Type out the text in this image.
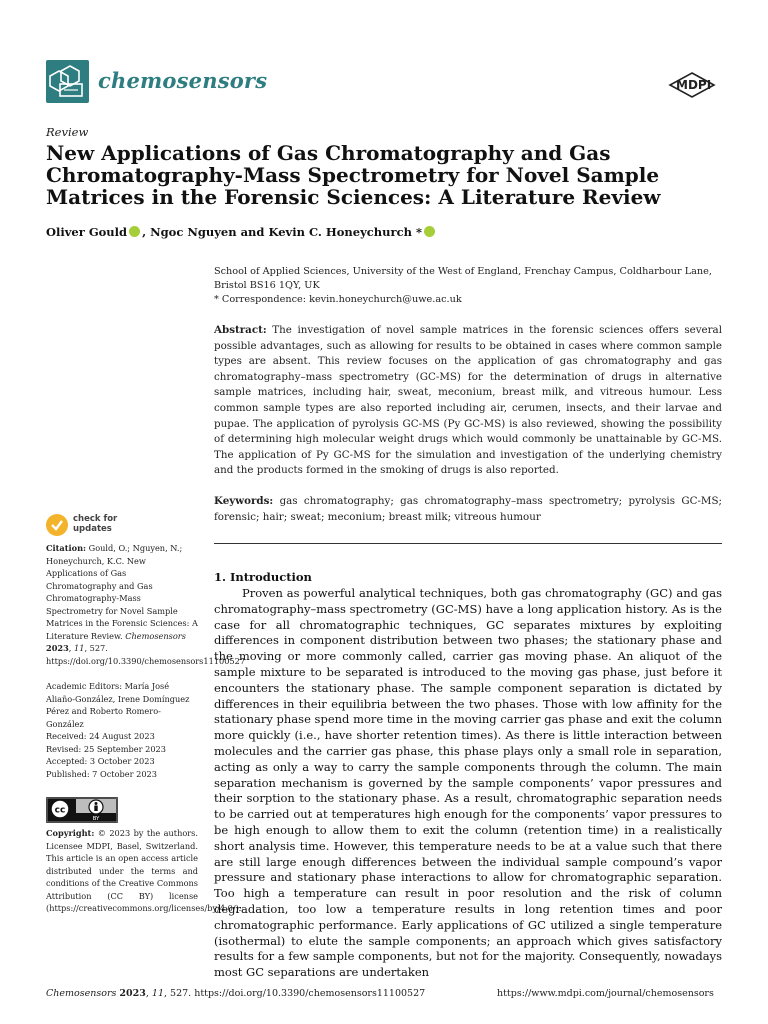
chemosensors	MDPI
Review
New Applications of Gas Chromatography and Gas Chromatography-Mass Spectrometry for Novel Sample Matrices in the Forensic Sciences: A Literature Review
Oliver Gould , Ngoc Nguyen and Kevin C. Honeychurch *
School of Applied Sciences, University of the West of England, Frenchay Campus, Coldharbour Lane, Bristol BS16 1QY, UK
* Correspondence: kevin.honeychurch@uwe.ac.uk
Abstract: The investigation of novel sample matrices in the forensic sciences offers several possible advantages, such as allowing for results to be obtained in cases where common sample types are absent. This review focuses on the application of gas chromatography and gas chromatography–mass spectrometry (GC-MS) for the determination of drugs in alternative sample matrices, including hair, sweat, meconium, breast milk, and vitreous humour. Less common sample types are also reported including air, cerumen, insects, and their larvae and pupae. The application of pyrolysis GC-MS (Py GC-MS) is also reviewed, showing the possibility of determining high molecular weight drugs which would commonly be unattainable by GC-MS. The application of Py GC-MS for the simulation and investigation of the underlying chemistry and the products formed in the smoking of drugs is also reported.
Keywords: gas chromatography; gas chromatography–mass spectrometry; pyrolysis GC-MS; forensic; hair; sweat; meconium; breast milk; vitreous humour
check for
updates
Citation: Gould, O.; Nguyen, N.; Honeychurch, K.C. New Applications of Gas Chromatography and Gas Chromatography-Mass Spectrometry for Novel Sample Matrices in the Forensic Sciences: A Literature Review. Chemosensors 2023, 11, 527. https://doi.org/10.3390/chemosensors11100527
Academic Editors: María José Aliaño-González, Irene Domínguez Pérez and Roberto Romero-González
Received: 24 August 2023
Revised: 25 September 2023
Accepted: 3 October 2023
Published: 7 October 2023
cc
BY
Copyright: © 2023 by the authors. Licensee MDPI, Basel, Switzerland. This article is an open access article distributed under the terms and conditions of the Creative Commons Attribution (CC BY) license (https://creativecommons.org/licenses/by/4.0/).
1. Introduction
Proven as powerful analytical techniques, both gas chromatography (GC) and gas chromatography–mass spectrometry (GC-MS) have a long application history. As is the case for all chromatographic techniques, GC separates mixtures by exploiting differences in component distribution between two phases; the stationary phase and the moving or more commonly called, carrier gas moving phase. An aliquot of the sample mixture to be separated is introduced to the moving gas phase, just before it encounters the stationary phase. The sample component separation is dictated by differences in their equilibria between the two phases. Those with low affinity for the stationary phase spend more time in the moving carrier gas phase and exit the column more quickly (i.e., have shorter retention times). As there is little interaction between molecules and the carrier gas phase, this phase plays only a small role in separation, acting as only a way to carry the sample components through the column. The main separation mechanism is governed by the sample components’ vapor pressures and their sorption to the stationary phase. As a result, chromatographic separation needs to be carried out at temperatures high enough for the components’ vapor pressures to be high enough to allow them to exit the column (retention time) in a realistically short analysis time. However, this temperature needs to be at a value such that there are still large enough differences between the individual sample compound’s vapor pressure and stationary phase interactions to allow for chromatographic separation. Too high a temperature can result in poor resolution and the risk of column degradation, too low a temperature results in long retention times and poor chromatographic performance. Early applications of GC utilized a single temperature (isothermal) to elute the sample components; an approach which gives satisfactory results for a few sample components, but not for the majority. Consequently, nowadays most GC separations are undertaken
Chemosensors 2023, 11, 527. https://doi.org/10.3390/chemosensors11100527	https://www.mdpi.com/journal/chemosensors
